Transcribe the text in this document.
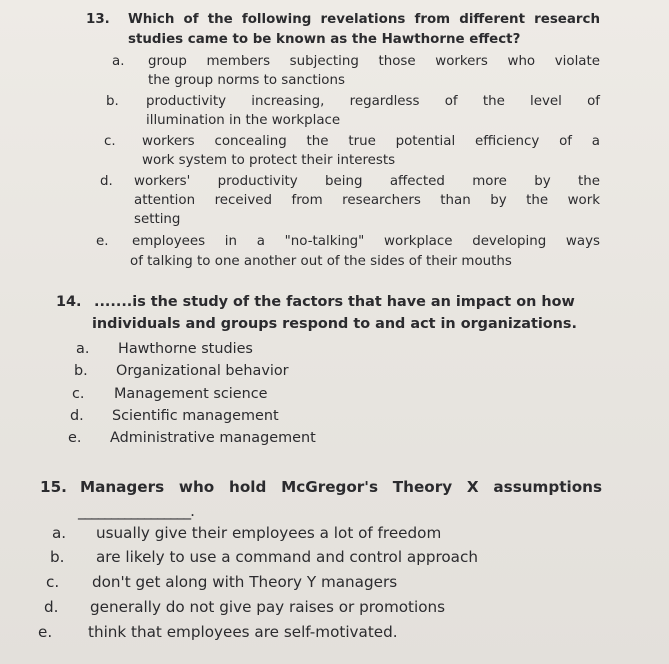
13. Which of the following revelations from different research
studies came to be known as the Hawthorne effect?
a. group members subjecting those workers who violate
the group norms to sanctions
b. productivity increasing, regardless of the level of
illumination in the workplace
c. workers concealing the true potential efficiency of a
work system to protect their interests
d. workers' productivity being affected more by the
attention received from researchers than by the work
setting
e. employees in a "no-talking" workplace developing ways
of talking to one another out of the sides of their mouths
14. .......is the study of the factors that have an impact on how
individuals and groups respond to and act in organizations.
a. Hawthorne studies
b. Organizational behavior
c. Management science
d. Scientific management
e. Administrative management
15. Managers who hold McGregor's Theory X assumptions
_________________.
a. usually give their employees a lot of freedom
b. are likely to use a command and control approach
c. don't get along with Theory Y managers
d. generally do not give pay raises or promotions
e. think that employees are self-motivated.
